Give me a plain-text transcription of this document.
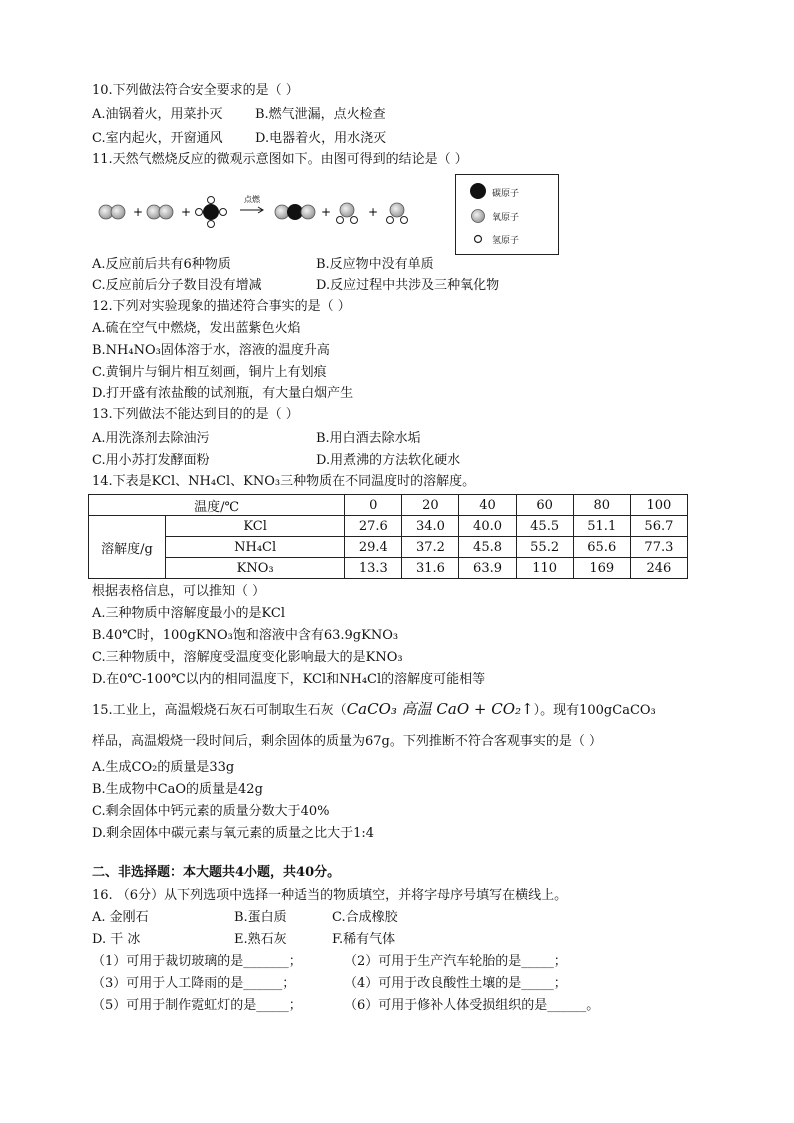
10.下列做法符合安全要求的是（ ）
A.油锅着火，用菜扑灭 B.燃气泄漏，点火检查
C.室内起火，开窗通风 D.电器着火，用水浇灭
11.天然气燃烧反应的微观示意图如下。由图可得到的结论是（ ）
+	+
点燃
+	+
碳原子
氧原子
氢原子
A.反应前后共有6种物质	B.反应物中没有单质
C.反应前后分子数目没有增减	D.反应过程中共涉及三种氧化物
12.下列对实验现象的描述符合事实的是（ ）
A.硫在空气中燃烧，发出蓝紫色火焰
B.NH₄NO₃固体溶于水，溶液的温度升高
C.黄铜片与铜片相互刻画，铜片上有划痕
D.打开盛有浓盐酸的试剂瓶，有大量白烟产生
13.下列做法不能达到目的的是（ ）
A.用洗涤剂去除油污	B.用白酒去除水垢
C.用小苏打发酵面粉	D.用煮沸的方法软化硬水
14.下表是KCl、NH₄Cl、KNO₃三种物质在不同温度时的溶解度。
温度/℃		0	20	40	60	80	100
溶解度/g	KCl	27.6	34.0	40.0	45.5	51.1	56.7
	NH₄Cl	29.4	37.2	45.8	55.2	65.6	77.3
	KNO₃	13.3	31.6	63.9	110	169	246
根据表格信息，可以推知（ ）
A.三种物质中溶解度最小的是KCl
B.40℃时，100gKNO₃饱和溶液中含有63.9gKNO₃
C.三种物质中，溶解度受温度变化影响最大的是KNO₃
D.在0℃-100℃以内的相同温度下，KCl和NH₄Cl的溶解度可能相等
15.工业上，高温煅烧石灰石可制取生石灰（CaCO₃ 高温 CaO + CO₂↑）。现有100gCaCO₃
样品，高温煅烧一段时间后，剩余固体的质量为67g。下列推断不符合客观事实的是（ ）
A.生成CO₂的质量是33g
B.生成物中CaO的质量是42g
C.剩余固体中钙元素的质量分数大于40%
D.剩余固体中碳元素与氧元素的质量之比大于1:4
二、非选择题：本大题共4小题，共40分。
16. （6分）从下列选项中选择一种适当的物质填空，并将字母序号填写在横线上。
A. 金刚石	B.蛋白质	C.合成橡胶
D. 干 冰	E.熟石灰	F.稀有气体
（1）可用于裁切玻璃的是_______；	（2）可用于生产汽车轮胎的是_____；
（3）可用于人工降雨的是______；	（4）可用于改良酸性土壤的是_____；
（5）可用于制作霓虹灯的是_____；	（6）可用于修补人体受损组织的是______。
